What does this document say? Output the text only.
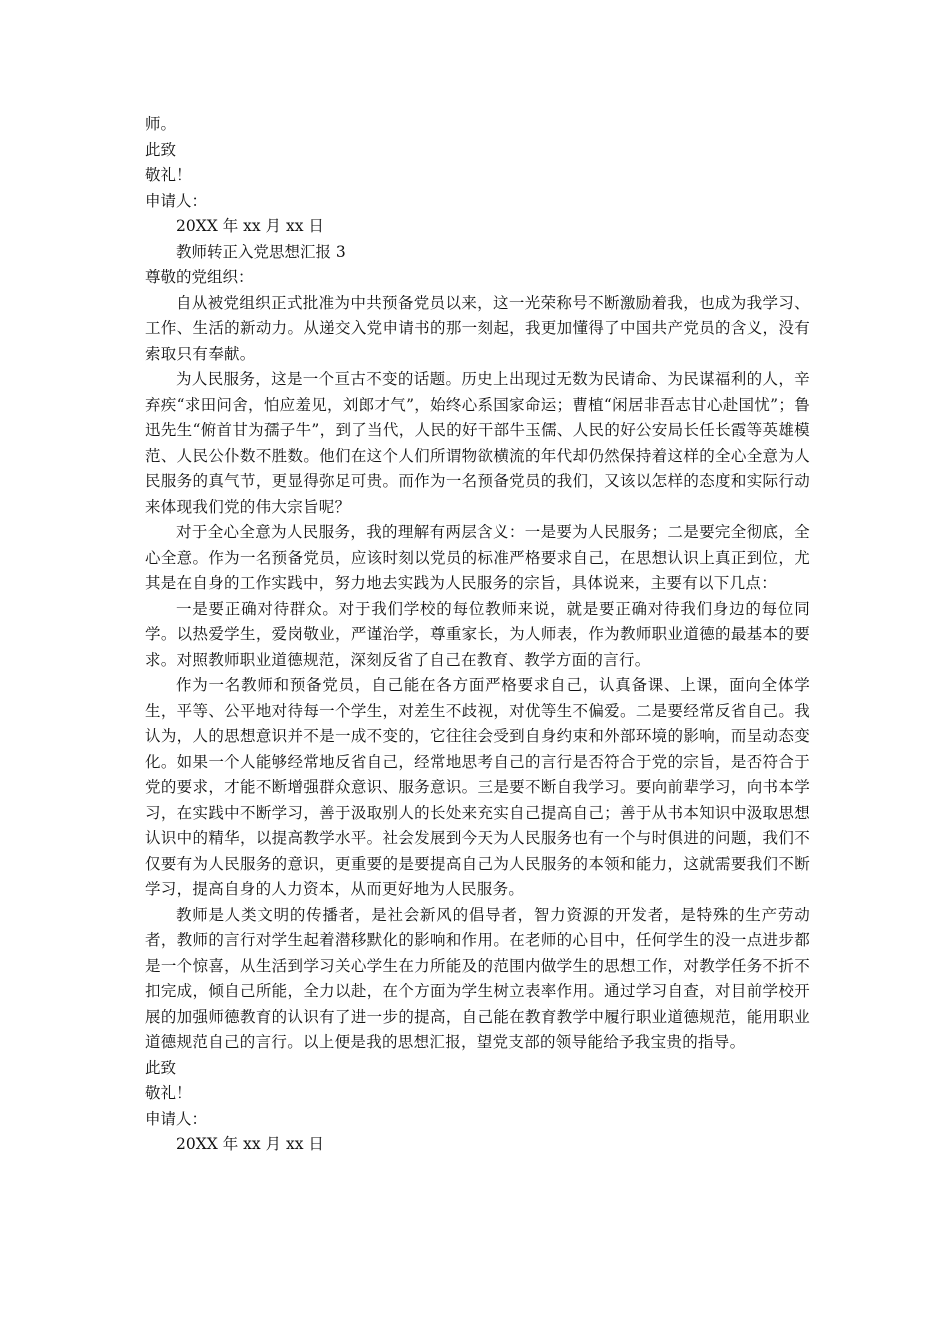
师。

此致

敬礼！

申请人：

20XX 年 xx 月 xx 日

教师转正入党思想汇报 3

尊敬的党组织：

自从被党组织正式批准为中共预备党员以来，这一光荣称号不断激励着我，也成为我学习、工作、生活的新动力。从递交入党申请书的那一刻起，我更加懂得了中国共产党员的含义，没有索取只有奉献。

为人民服务，这是一个亘古不变的话题。历史上出现过无数为民请命、为民谋福利的人，辛弃疾“求田问舍，怕应羞见，刘郎才气”，始终心系国家命运；曹植“闲居非吾志甘心赴国忧”；鲁迅先生“俯首甘为孺子牛”，到了当代，人民的好干部牛玉儒、人民的好公安局长任长霞等英雄模范、人民公仆数不胜数。他们在这个人们所谓物欲横流的年代却仍然保持着这样的全心全意为人民服务的真气节，更显得弥足可贵。而作为一名预备党员的我们，又该以怎样的态度和实际行动来体现我们党的伟大宗旨呢？

对于全心全意为人民服务，我的理解有两层含义：一是要为人民服务；二是要完全彻底，全心全意。作为一名预备党员，应该时刻以党员的标准严格要求自己，在思想认识上真正到位，尤其是在自身的工作实践中，努力地去实践为人民服务的宗旨，具体说来，主要有以下几点：

一是要正确对待群众。对于我们学校的每位教师来说，就是要正确对待我们身边的每位同学。以热爱学生，爱岗敬业，严谨治学，尊重家长，为人师表，作为教师职业道德的最基本的要求。对照教师职业道德规范，深刻反省了自己在教育、教学方面的言行。

作为一名教师和预备党员，自己能在各方面严格要求自己，认真备课、上课，面向全体学生，平等、公平地对待每一个学生，对差生不歧视，对优等生不偏爱。二是要经常反省自己。我认为，人的思想意识并不是一成不变的，它往往会受到自身约束和外部环境的影响，而呈动态变化。如果一个人能够经常地反省自己，经常地思考自己的言行是否符合于党的宗旨，是否符合于党的要求，才能不断增强群众意识、服务意识。三是要不断自我学习。要向前辈学习，向书本学习，在实践中不断学习，善于汲取别人的长处来充实自己提高自己；善于从书本知识中汲取思想认识中的精华，以提高教学水平。社会发展到今天为人民服务也有一个与时俱进的问题，我们不仅要有为人民服务的意识，更重要的是要提高自己为人民服务的本领和能力，这就需要我们不断学习，提高自身的人力资本，从而更好地为人民服务。

教师是人类文明的传播者，是社会新风的倡导者，智力资源的开发者，是特殊的生产劳动者，教师的言行对学生起着潜移默化的影响和作用。在老师的心目中，任何学生的没一点进步都是一个惊喜，从生活到学习关心学生在力所能及的范围内做学生的思想工作，对教学任务不折不扣完成，倾自己所能，全力以赴，在个方面为学生树立表率作用。通过学习自查，对目前学校开展的加强师德教育的认识有了进一步的提高，自己能在教育教学中履行职业道德规范，能用职业道德规范自己的言行。以上便是我的思想汇报，望党支部的领导能给予我宝贵的指导。

此致

敬礼！

申请人：

20XX 年 xx 月 xx 日
